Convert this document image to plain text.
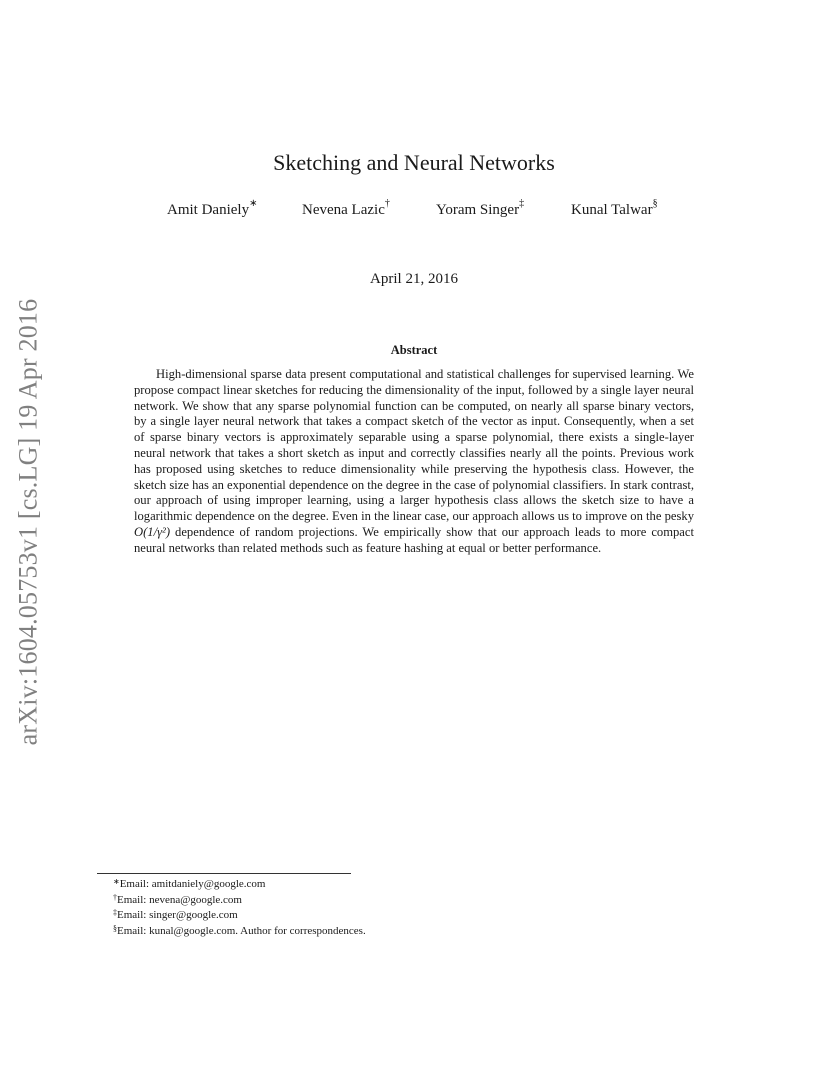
arXiv:1604.05753v1 [cs.LG] 19 Apr 2016
Sketching and Neural Networks
Amit Daniely∗	Nevena Lazic†	Yoram Singer‡	Kunal Talwar§
April 21, 2016
Abstract

High-dimensional sparse data present computational and statistical challenges for supervised learning. We propose compact linear sketches for reducing the dimensionality of the input, followed by a single layer neural network. We show that any sparse polynomial function can be computed, on nearly all sparse binary vectors, by a single layer neural network that takes a compact sketch of the vector as input. Consequently, when a set of sparse binary vectors is approximately separable using a sparse polynomial, there exists a single-layer neural network that takes a short sketch as input and correctly classifies nearly all the points. Previous work has proposed using sketches to reduce dimensionality while preserving the hypothesis class. However, the sketch size has an exponential dependence on the degree in the case of polynomial classifiers. In stark contrast, our approach of using improper learning, using a larger hypothesis class allows the sketch size to have a logarithmic dependence on the degree. Even in the linear case, our approach allows us to improve on the pesky O(1/γ²) dependence of random projections. We empirically show that our approach leads to more compact neural networks than related methods such as feature hashing at equal or better performance.

∗Email: amitdaniely@google.com
†Email: nevena@google.com
‡Email: singer@google.com
§Email: kunal@google.com. Author for correspondences.
